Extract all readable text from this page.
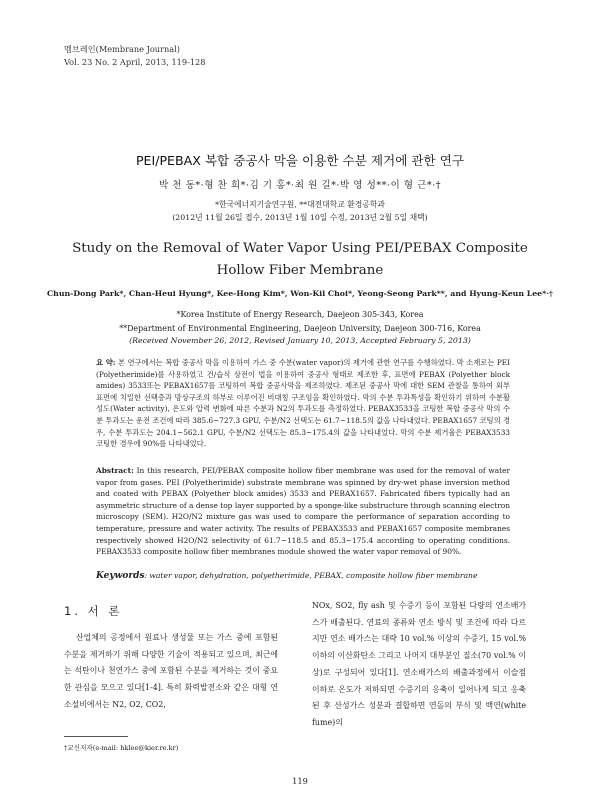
멤브레인(Membrane Journal)
Vol. 23 No. 2 April, 2013, 119-128
PEI/PEBAX 복합 중공사 막을 이용한 수분 제거에 관한 연구
박 천 동*·형 찬 희*·김 기 홍*·최 원 길*·박 영 성**·이 형 근*·†
*한국에너지기술연구원, **대전대학교 환경공학과
(2012년 11월 26일 접수, 2013년 1월 10일 수정, 2013년 2월 5일 채택)
Study on the Removal of Water Vapor Using PEI/PEBAX Composite
Hollow Fiber Membrane
Chun-Dong Park*, Chan-Heui Hyung*, Kee-Hong Kim*, Won-Kil Choi*, Yeong-Seong Park**, and Hyung-Keun Lee*·†
*Korea Institute of Energy Research, Daejeon 305-343, Korea
**Department of Environmental Engineering, Daejeon University, Daejeon 300-716, Korea
(Received November 26, 2012, Revised January 10, 2013, Accepted February 5, 2013)
요 약: 본 연구에서는 복합 중공사 막을 이용하여 가스 중 수분(water vapor)의 제거에 관한 연구를 수행하였다. 막 소재로는 PEI (Polyetherimide)를 사용하였고 건/습식 상전이 법을 이용하여 중공사 형태로 제조한 후, 표면에 PEBAX (Polyether block amides) 3533또는 PEBAX1657를 코팅하여 복합 중공사막을 제조하였다. 제조된 중공사 막에 대한 SEM 관찰을 통하여 외부 표면에 치밀한 선택층과 망상구조의 하부로 이루어진 비대칭 구조임을 확인하였다. 막의 수분 투과특성을 확인하기 위하여 수분활성도(Water activity), 온도와 압력 변화에 따른 수분과 N2의 투과도를 측정하였다. PEBAX3533을 코팅한 복합 중공사 막의 수분 투과도는 운전 조건에 따라 385.6~727.3 GPU, 수분/N2 선택도는 61.7~118.5의 값을 나타내었다. PEBAX1657 코팅의 경우, 수분 투과도는 204.1~562.1 GPU, 수분/N2 선택도는 85.3~175.4의 값을 나타내었다. 막의 수분 제거율은 PEBAX3533 코팅한 경우에 90%를 나타내었다.
Abstract: In this research, PEI/PEBAX composite hollow fiber membrane was used for the removal of water vapor from gases. PEI (Polyetherimide) substrate membrane was spinned by dry-wet phase inversion method and coated with PEBAX (Polyether block amides) 3533 and PEBAX1657. Fabricated fibers typically had an asymmetric structure of a dense top layer supported by a sponge-like substructure through scanning electron microscopy (SEM). H2O/N2 mixture gas was used to compare the performance of separation according to temperature, pressure and water activity. The results of PEBAX3533 and PEBAX1657 composite membranes respectively showed H2O/N2 selectivity of 61.7~118.5 and 85.3~175.4 according to operating conditions. PEBAX3533 composite hollow fiber membranes module showed the water vapor removal of 90%.
Keywords: water vapor, dehydration, polyetherimide, PEBAX, composite hollow fiber membrane
1. 서 론
산업체의 공정에서 원료나 생성물 또는 가스 중에 포함된 수분을 제거하기 위해 다양한 기술이 적용되고 있으며, 최근에는 석탄이나 천연가스 중에 포함된 수분을 제거하는 것이 중요한 관심을 모으고 있다[1-4]. 특히 화력발전소와 같은 대형 연소설비에서는 N2, O2, CO2,
NOx, SO2, fly ash 및 수증기 등이 포함된 다량의 연소배가스가 배출된다. 연료의 종류와 연소 방식 및 조건에 따라 다르지만 연소 배가스는 대략 10 vol.% 이상의 수증기, 15 vol.% 이하의 이산화탄소 그리고 나머지 대부분인 질소(70 vol.% 이상)로 구성되어 있다[1]. 연소배가스의 배출과정에서 이슬점 이하로 온도가 저하되면 수증기의 응축이 일어나게 되고 응축된 후 산성가스 성분과 결합하면 연돌의 부식 및 백연(white fume)의
†교신저자(e-mail: hklee@kier.re.kr)
119
